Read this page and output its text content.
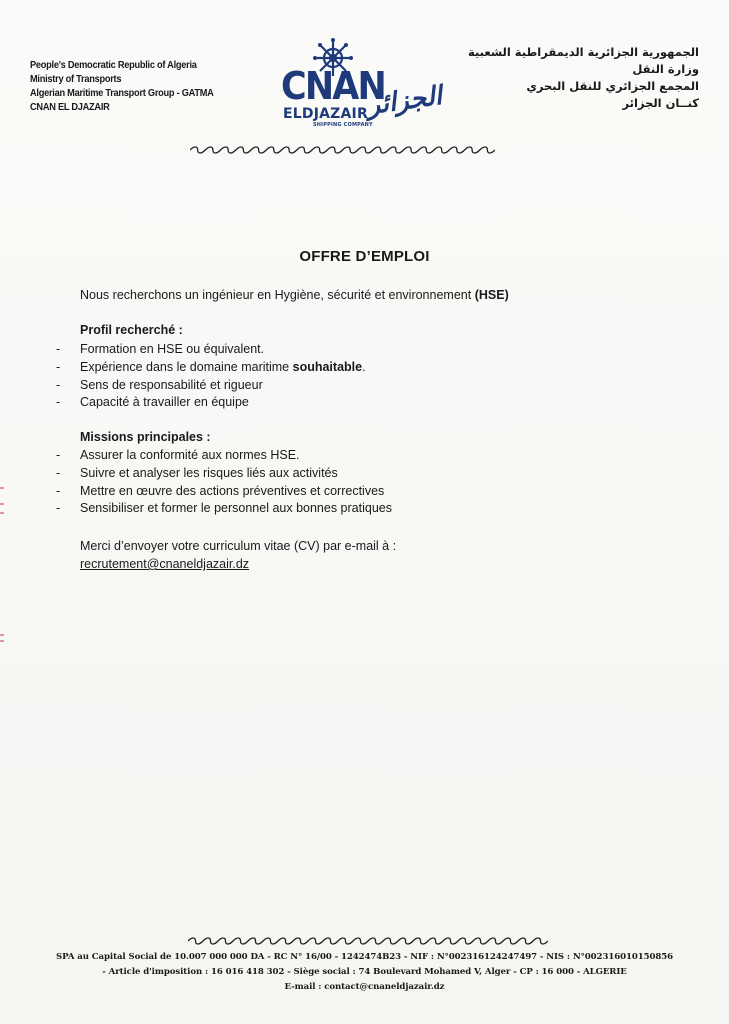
People's Democratic Republic of Algeria
Ministry of Transports
Algerian Maritime Transport Group - GATMA
CNAN EL DJAZAIR	CNAN
ELDJAZAIR
SHIPPING COMPANY
الجزائر
الجمهورية الجزائرية الديمقراطية الشعبية
وزارة النقل
المجمع الجزائري للنقل البحري
كنــان الجزائر
OFFRE D’EMPLOI
Nous recherchons un ingénieur en Hygiène, sécurité et environnement (HSE)
Profil recherché :
- Formation en HSE ou équivalent.
- Expérience dans le domaine maritime souhaitable.
- Sens de responsabilité et rigueur
- Capacité à travailler en équipe
Missions principales :
- Assurer la conformité aux normes HSE.
- Suivre et analyser les risques liés aux activités
- Mettre en œuvre des actions préventives et correctives
- Sensibiliser et former le personnel aux bonnes pratiques
Merci d’envoyer votre curriculum vitae (CV) par e-mail à :
recrutement@cnaneldjazair.dz
SPA au Capital Social de 10.007 000 000 DA - RC N° 16/00 - 1242474B23 - NIF : N°002316124247497 - NIS : N°002316010150856
- Article d'imposition : 16 016 418 302 - Siège social : 74 Boulevard Mohamed V, Alger - CP : 16 000 - ALGERIE
E-mail : contact@cnaneldjazair.dz
